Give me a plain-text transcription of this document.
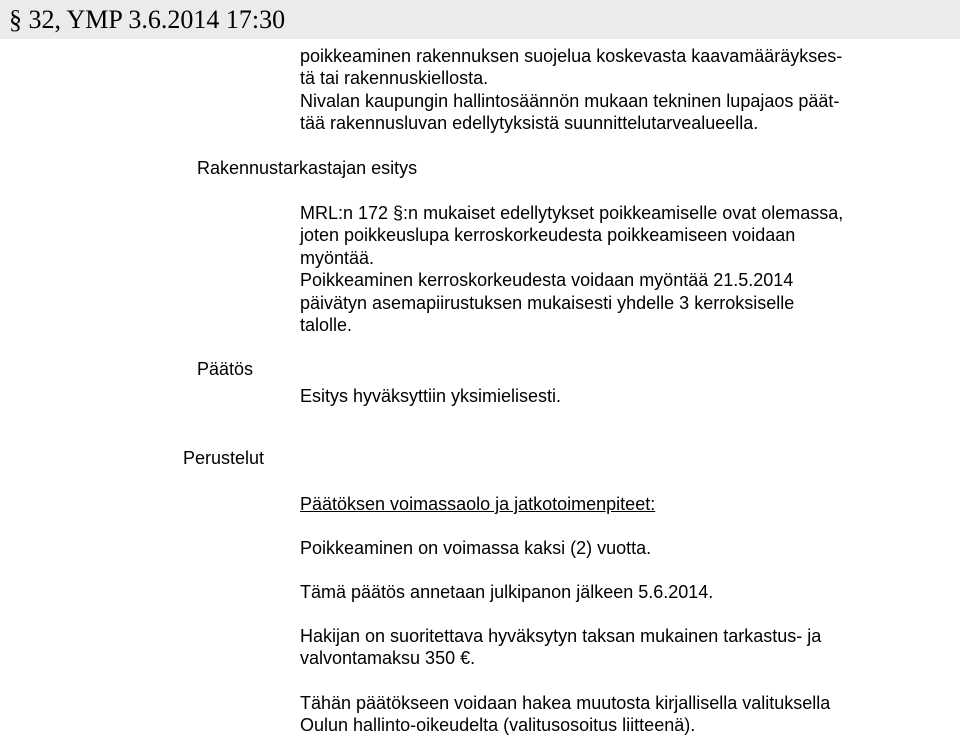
§ 32, YMP 3.6.2014 17:30
poikkeaminen rakennuksen suojelua koskevasta kaavamääräykses-
tä tai rakennuskiellosta.
Nivalan kaupungin hallintosäännön mukaan tekninen lupajaos päät-
tää rakennusluvan edellytyksistä suunnittelutarvealueella.
Rakennustarkastajan esitys
MRL:n 172 §:n mukaiset edellytykset poikkeamiselle ovat olemassa,
joten poikkeuslupa kerroskorkeudesta poikkeamiseen voidaan
myöntää.
Poikkeaminen kerroskorkeudesta voidaan myöntää 21.5.2014
päivätyn asemapiirustuksen mukaisesti yhdelle 3 kerroksiselle
talolle.
Päätös
Esitys hyväksyttiin yksimielisesti.
Perustelut
Päätöksen voimassaolo ja jatkotoimenpiteet:
Poikkeaminen on voimassa kaksi (2) vuotta.
Tämä päätös annetaan julkipanon jälkeen 5.6.2014.
Hakijan on suoritettava hyväksytyn taksan mukainen tarkastus- ja
valvontamaksu 350 €.
Tähän päätökseen voidaan hakea muutosta kirjallisella valituksella
Oulun hallinto-oikeudelta (valitusosoitus liitteenä).
